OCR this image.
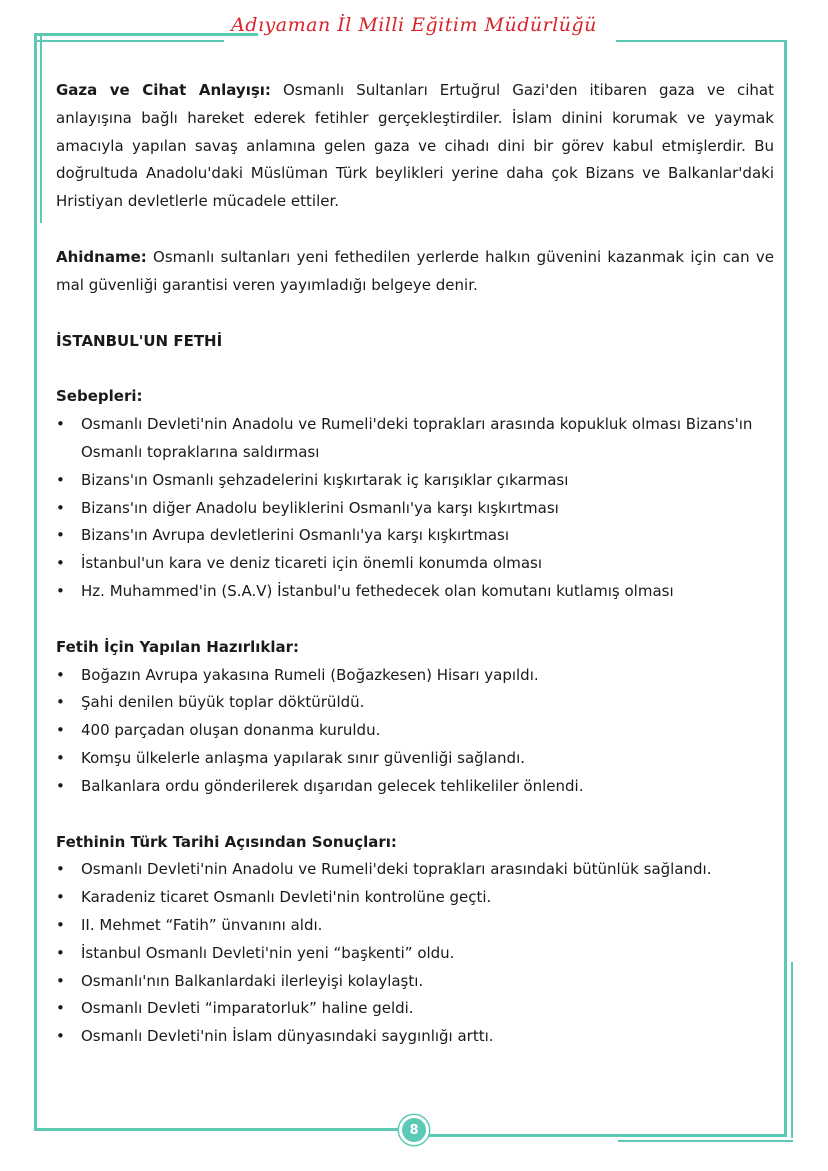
Adıyaman İl Milli Eğitim Müdürlüğü

Gaza ve Cihat Anlayışı: Osmanlı Sultanları Ertuğrul Gazi'den itibaren gaza ve cihat anlayışına bağlı hareket ederek fetihler gerçekleştirdiler. İslam dinini korumak ve yaymak amacıyla yapılan savaş anlamına gelen gaza ve cihadı dini bir görev kabul etmişlerdir. Bu doğrultuda Anadolu'daki Müslüman Türk beylikleri yerine daha çok Bizans ve Balkanlar'daki Hristiyan devletlerle mücadele ettiler.

Ahidname: Osmanlı sultanları yeni fethedilen yerlerde halkın güvenini kazanmak için can ve mal güvenliği garantisi veren yayımladığı belgeye denir.

İSTANBUL'UN FETHİ

Sebepleri:

• Osmanlı Devleti'nin Anadolu ve Rumeli'deki toprakları arasında kopukluk olması Bizans'ın Osmanlı topraklarına saldırması
• Bizans'ın Osmanlı şehzadelerini kışkırtarak iç karışıklar çıkarması
• Bizans'ın diğer Anadolu beyliklerini Osmanlı'ya karşı kışkırtması
• Bizans'ın Avrupa devletlerini Osmanlı'ya karşı kışkırtması
• İstanbul'un kara ve deniz ticareti için önemli konumda olması
• Hz. Muhammed'in (S.A.V) İstanbul'u fethedecek olan komutanı kutlamış olması

Fetih İçin Yapılan Hazırlıklar:

• Boğazın Avrupa yakasına Rumeli (Boğazkesen) Hisarı yapıldı.
• Şahi denilen büyük toplar döktürüldü.
• 400 parçadan oluşan donanma kuruldu.
• Komşu ülkelerle anlaşma yapılarak sınır güvenliği sağlandı.
• Balkanlara ordu gönderilerek dışarıdan gelecek tehlikeliler önlendi.

Fethinin Türk Tarihi Açısından Sonuçları:

• Osmanlı Devleti'nin Anadolu ve Rumeli'deki toprakları arasındaki bütünlük sağlandı.
• Karadeniz ticaret Osmanlı Devleti'nin kontrolüne geçti.
• II. Mehmet “Fatih” ünvanını aldı.
• İstanbul Osmanlı Devleti'nin yeni “başkenti” oldu.
• Osmanlı'nın Balkanlardaki ilerleyişi kolaylaştı.
• Osmanlı Devleti “imparatorluk” haline geldi.
• Osmanlı Devleti'nin İslam dünyasındaki saygınlığı arttı.
8
